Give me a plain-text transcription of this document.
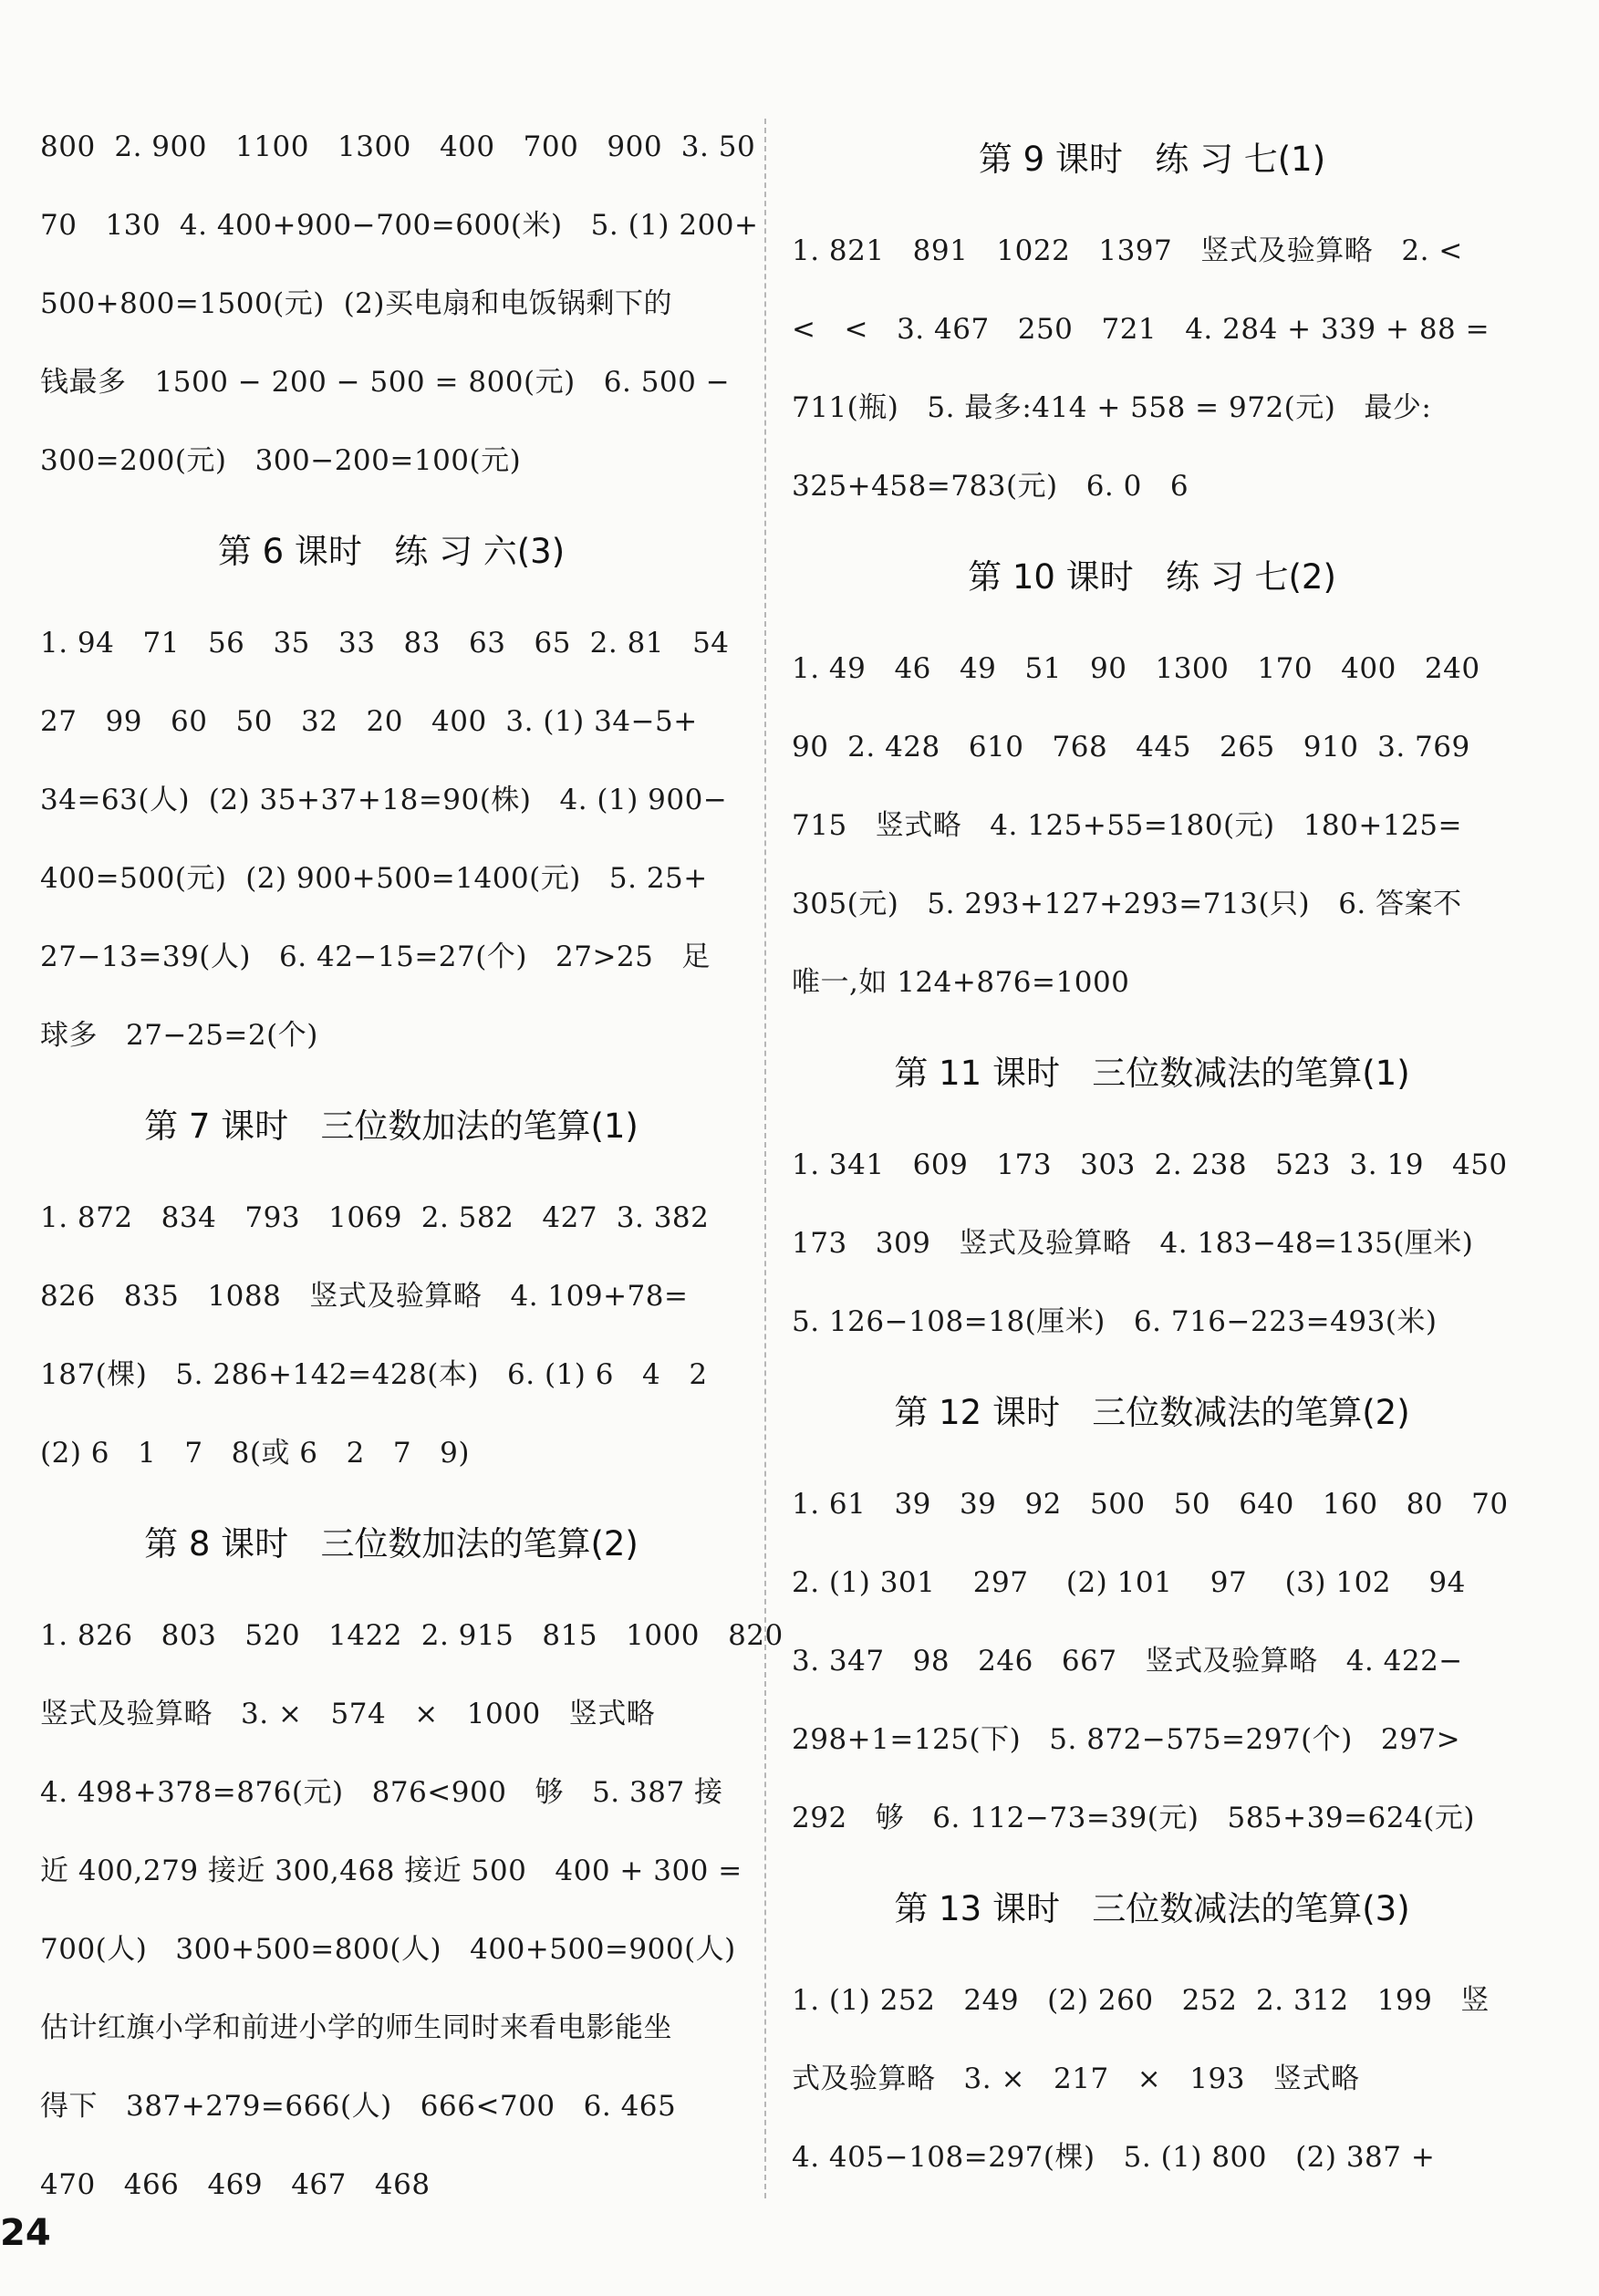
800  2. 900   1100   1300   400   700   900  3. 50
70   130  4. 400+900−700=600(米)   5. (1) 200+
500+800=1500(元)  (2)买电扇和电饭锅剩下的
钱最多   1500 − 200 − 500 = 800(元)   6. 500 −
300=200(元)   300−200=100(元)
第 6 课时   练 习 六(3)
1. 94   71   56   35   33   83   63   65  2. 81   54
27   99   60   50   32   20   400  3. (1) 34−5+
34=63(人)  (2) 35+37+18=90(株)   4. (1) 900−
400=500(元)  (2) 900+500=1400(元)   5. 25+
27−13=39(人)   6. 42−15=27(个)   27>25   足
球多   27−25=2(个)
第 7 课时   三位数加法的笔算(1)
1. 872   834   793   1069  2. 582   427  3. 382
826   835   1088   竖式及验算略   4. 109+78=
187(棵)   5. 286+142=428(本)   6. (1) 6   4   2
(2) 6   1   7   8(或 6   2   7   9)
第 8 课时   三位数加法的笔算(2)
1. 826   803   520   1422  2. 915   815   1000   820
竖式及验算略   3. ×   574   ×   1000   竖式略
4. 498+378=876(元)   876<900   够   5. 387 接
近 400,279 接近 300,468 接近 500   400 + 300 =
700(人)   300+500=800(人)   400+500=900(人)
估计红旗小学和前进小学的师生同时来看电影能坐
得下   387+279=666(人)   666<700   6. 465
470   466   469   467   468
第 9 课时   练 习 七(1)
1. 821   891   1022   1397   竖式及验算略   2. <
<   <   3. 467   250   721   4. 284 + 339 + 88 =
711(瓶)   5. 最多:414 + 558 = 972(元)   最少:
325+458=783(元)   6. 0   6
第 10 课时   练 习 七(2)
1. 49   46   49   51   90   1300   170   400   240
90  2. 428   610   768   445   265   910  3. 769
715   竖式略   4. 125+55=180(元)   180+125=
305(元)   5. 293+127+293=713(只)   6. 答案不
唯一,如 124+876=1000
第 11 课时   三位数减法的笔算(1)
1. 341   609   173   303  2. 238   523  3. 19   450
173   309   竖式及验算略   4. 183−48=135(厘米)
5. 126−108=18(厘米)   6. 716−223=493(米)
第 12 课时   三位数减法的笔算(2)
1. 61   39   39   92   500   50   640   160   80   70
2. (1) 301    297    (2) 101    97    (3) 102    94
3. 347   98   246   667   竖式及验算略   4. 422−
298+1=125(下)   5. 872−575=297(个)   297>
292   够   6. 112−73=39(元)   585+39=624(元)
第 13 课时   三位数减法的笔算(3)
1. (1) 252   249   (2) 260   252  2. 312   199   竖
式及验算略   3. ×   217   ×   193   竖式略
4. 405−108=297(棵)   5. (1) 800   (2) 387 +
24
